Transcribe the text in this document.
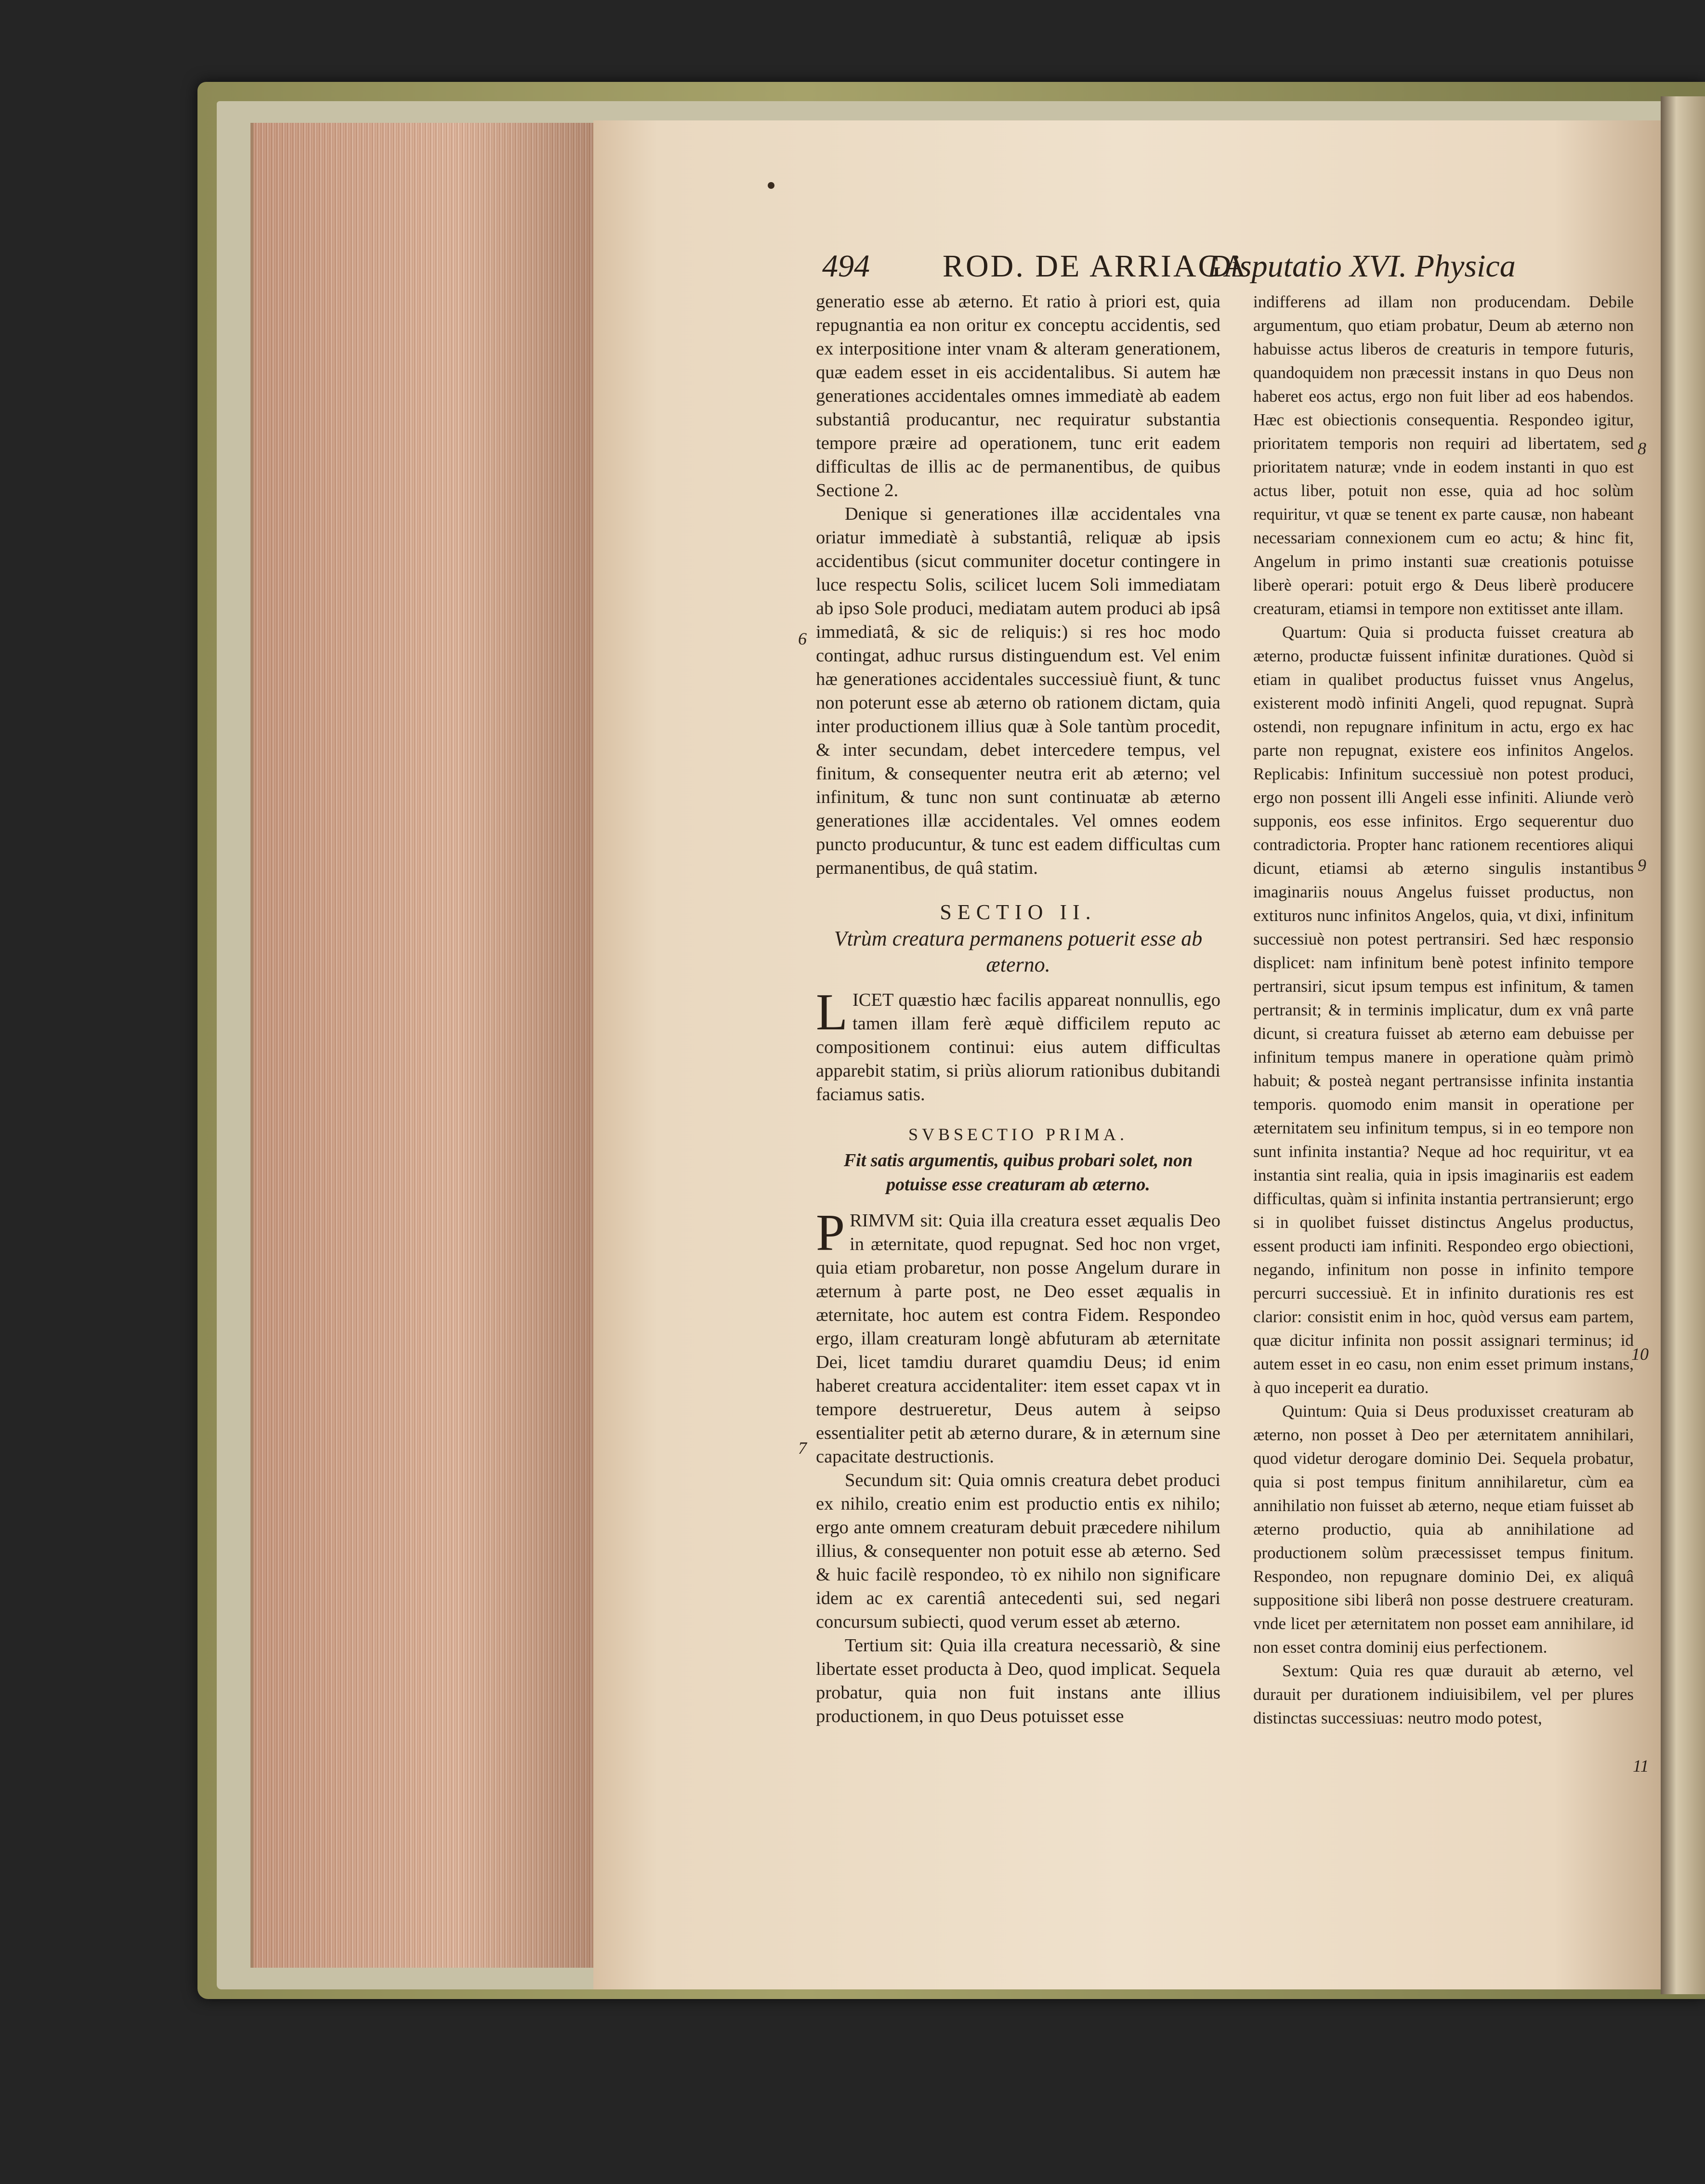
494 ROD. DE ARRIAGA
Disputatio XVI. Physica
6
7
8
9
10
11

generatio esse ab æterno. Et ratio à priori est, quia repugnantia ea non oritur ex conceptu accidentis, sed ex interpositione inter vnam & alteram generationem, quæ eadem esset in eis accidentalibus. Si autem hæ generationes accidentales omnes immediatè ab eadem substantiâ producantur, nec requiratur substantia tempore præire ad operationem, tunc erit eadem difficultas de illis ac de permanentibus, de quibus Sectione 2.

Denique si generationes illæ accidentales vna oriatur immediatè à substantiâ, reliquæ ab ipsis accidentibus (sicut communiter docetur contingere in luce respectu Solis, scilicet lucem Soli immediatam ab ipso Sole produci, mediatam autem produci ab ipsâ immediatâ, & sic de reliquis:) si res hoc modo contingat, adhuc rursus distinguendum est. Vel enim hæ generationes accidentales successiuè fiunt, & tunc non poterunt esse ab æterno ob rationem dictam, quia inter productionem illius quæ à Sole tantùm procedit, & inter secundam, debet intercedere tempus, vel finitum, & consequenter neutra erit ab æterno; vel infinitum, & tunc non sunt continuatæ ab æterno generationes illæ accidentales. Vel omnes eodem puncto producuntur, & tunc est eadem difficultas cum permanentibus, de quâ statim.

SECTIO II.
Vtrùm creatura permanens potuerit esse ab æterno.

LICET quæstio hæc facilis appareat nonnullis, ego tamen illam ferè æquè difficilem reputo ac compositionem continui: eius autem difficultas apparebit statim, si priùs aliorum rationibus dubitandi faciamus satis.

SVBSECTIO PRIMA.
Fit satis argumentis, quibus probari solet, non potuisse esse creaturam ab æterno.

PRIMVM sit: Quia illa creatura esset æqualis Deo in æternitate, quod repugnat. Sed hoc non vrget, quia etiam probaretur, non posse Angelum durare in æternum à parte post, ne Deo esset æqualis in æternitate, hoc autem est contra Fidem. Respondeo ergo, illam creaturam longè abfuturam ab æternitate Dei, licet tamdiu duraret quamdiu Deus; id enim haberet creatura accidentaliter: item esset capax vt in tempore destrueretur, Deus autem à seipso essentialiter petit ab æterno durare, & in æternum sine capacitate destructionis.

Secundum sit: Quia omnis creatura debet produci ex nihilo, creatio enim est productio entis ex nihilo; ergo ante omnem creaturam debuit præcedere nihilum illius, & consequenter non potuit esse ab æterno. Sed & huic facilè respondeo, τὸ ex nihilo non significare idem ac ex carentiâ antecedenti sui, sed negari concursum subiecti, quod verum esset ab æterno.

Tertium sit: Quia illa creatura necessariò, & sine libertate esset producta à Deo, quod implicat. Sequela probatur, quia non fuit instans ante illius productionem, in quo Deus potuisset esse

indifferens ad illam non producendam. Debile argumentum, quo etiam probatur, Deum ab æterno non habuisse actus liberos de creaturis in tempore futuris, quandoquidem non præcessit instans in quo Deus non haberet eos actus, ergo non fuit liber ad eos habendos. Hæc est obiectionis consequentia. Respondeo igitur, prioritatem temporis non requiri ad libertatem, sed prioritatem naturæ; vnde in eodem instanti in quo est actus liber, potuit non esse, quia ad hoc solùm requiritur, vt quæ se tenent ex parte causæ, non habeant necessariam connexionem cum eo actu; & hinc fit, Angelum in primo instanti suæ creationis potuisse liberè operari: potuit ergo & Deus liberè producere creaturam, etiamsi in tempore non extitisset ante illam.

Quartum: Quia si producta fuisset creatura ab æterno, productæ fuissent infinitæ durationes. Quòd si etiam in qualibet productus fuisset vnus Angelus, existerent modò infiniti Angeli, quod repugnat. Suprà ostendi, non repugnare infinitum in actu, ergo ex hac parte non repugnat, existere eos infinitos Angelos. Replicabis: Infinitum successiuè non potest produci, ergo non possent illi Angeli esse infiniti. Aliunde verò supponis, eos esse infinitos. Ergo sequerentur duo contradictoria. Propter hanc rationem recentiores aliqui dicunt, etiamsi ab æterno singulis instantibus imaginariis nouus Angelus fuisset productus, non extituros nunc infinitos Angelos, quia, vt dixi, infinitum successiuè non potest pertransiri. Sed hæc responsio displicet: nam infinitum benè potest infinito tempore pertransiri, sicut ipsum tempus est infinitum, & tamen pertransit; & in terminis implicatur, dum ex vnâ parte dicunt, si creatura fuisset ab æterno eam debuisse per infinitum tempus manere in operatione quàm primò habuit; & posteà negant pertransisse infinita instantia temporis. quomodo enim mansit in operatione per æternitatem seu infinitum tempus, si in eo tempore non sunt infinita instantia? Neque ad hoc requiritur, vt ea instantia sint realia, quia in ipsis imaginariis est eadem difficultas, quàm si infinita instantia pertransierunt; ergo si in quolibet fuisset distinctus Angelus productus, essent producti iam infiniti. Respondeo ergo obiectioni, negando, infinitum non posse in infinito tempore percurri successiuè. Et in infinito durationis res est clarior: consistit enim in hoc, quòd versus eam partem, quæ dicitur infinita non possit assignari terminus; id autem esset in eo casu, non enim esset primum instans, à quo inceperit ea duratio.

Quintum: Quia si Deus produxisset creaturam ab æterno, non posset à Deo per æternitatem annihilari, quod videtur derogare dominio Dei. Sequela probatur, quia si post tempus finitum annihilaretur, cùm ea annihilatio non fuisset ab æterno, neque etiam fuisset ab æterno productio, quia ab annihilatione ad productionem solùm præcessisset tempus finitum. Respondeo, non repugnare dominio Dei, ex aliquâ suppositione sibi liberâ non posse destruere creaturam. vnde licet per æternitatem non posset eam annihilare, id non esset contra dominij eius perfectionem.

Sextum: Quia res quæ durauit ab æterno, vel durauit per durationem indiuisibilem, vel per plures distinctas successiuas: neutro modo potest,
